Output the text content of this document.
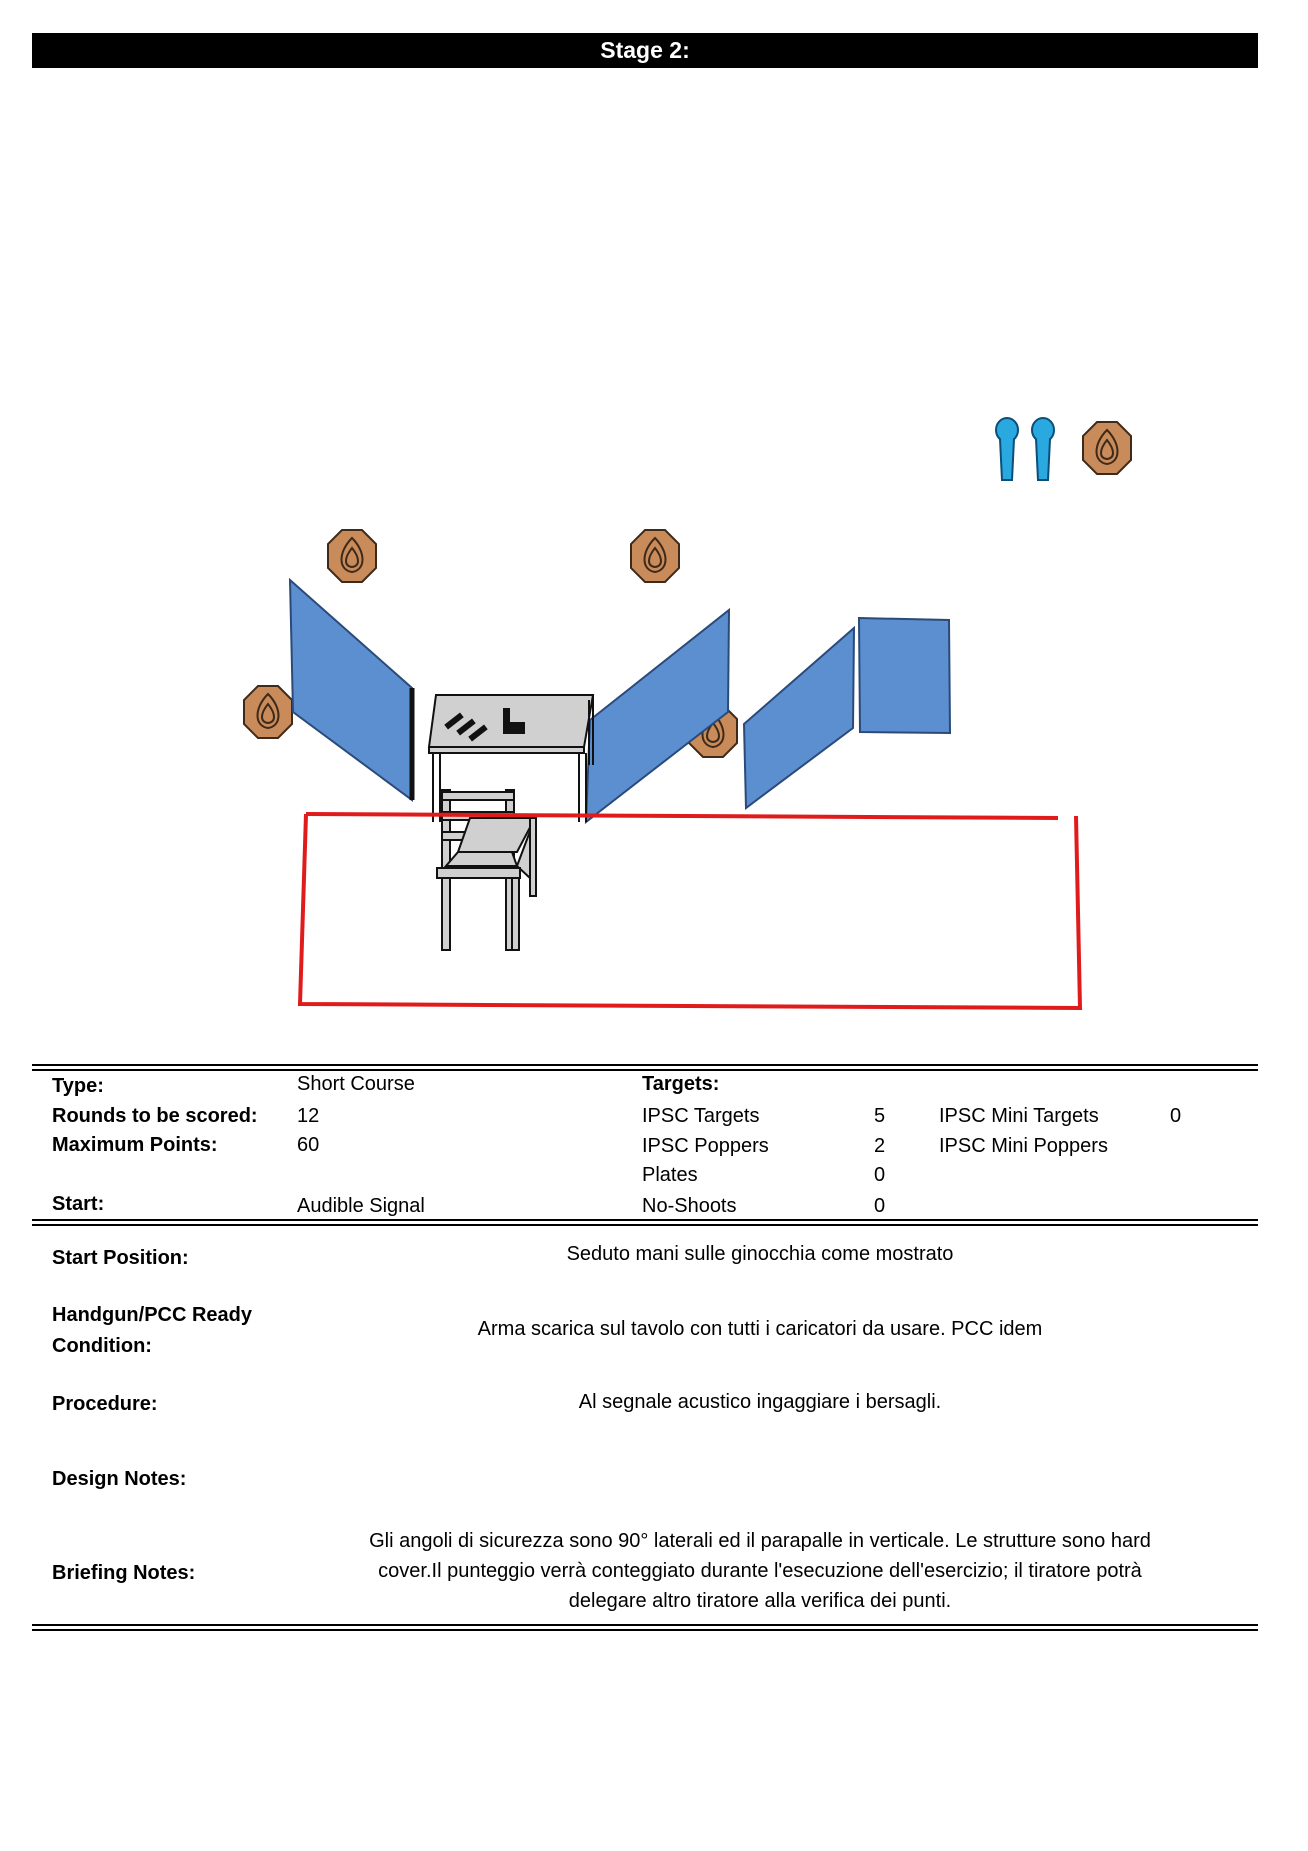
Stage 2:
Type:	Short Course	Targets:
Rounds to be scored: 12	IPSC Targets	5	IPSC Mini Targets	0
Maximum Points:	60	IPSC Poppers	2	IPSC Mini Poppers
Plates	0
Start:	Audible Signal	No-Shoots	0
Start Position:	Seduto mani sulle ginocchia come mostrato
Handgun/PCC Ready
Condition:
Arma scarica sul tavolo con tutti i caricatori da usare. PCC idem
Procedure:	Al segnale acustico ingaggiare i bersagli.
Design Notes:
Briefing Notes:
Gli angoli di sicurezza sono 90° laterali ed il parapalle in verticale. Le strutture sono hard
cover.Il punteggio verrà conteggiato durante l'esecuzione dell'esercizio; il tiratore potrà
delegare altro tiratore alla verifica dei punti.
